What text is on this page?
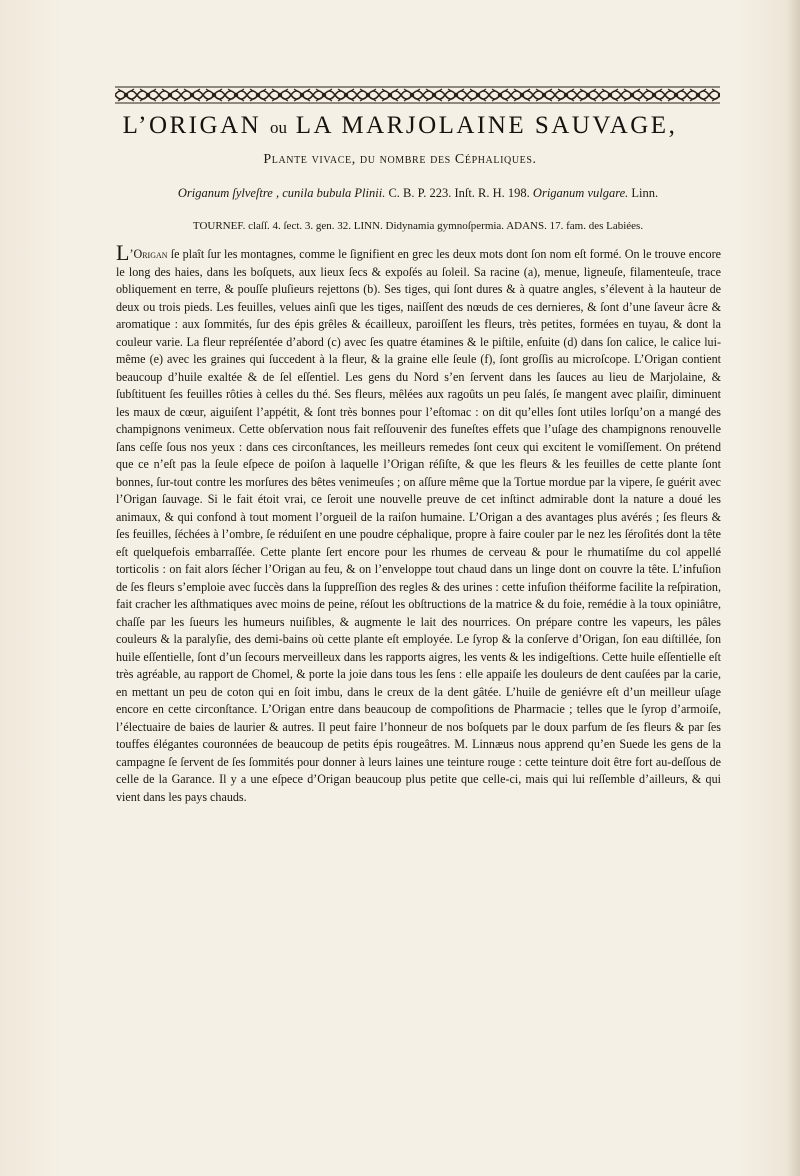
L’ORIGAN ou LA MARJOLAINE SAUVAGE,
Plante vivace, du nombre des Céphaliques.
Origanum ſylveſtre , cunila bubula Plinii. C. B. P. 223. Inſt. R. H. 198. Origanum vulgare. Linn.
TOURNEF. claſſ. 4. ſect. 3. gen. 32. LINN. Didynamia gymnoſpermia. ADANS. 17. fam. des Labiées.
L’Origan ſe plaît ſur les montagnes, comme le ſignifient en grec les deux mots dont ſon nom eſt formé. On le trouve encore le long des haies, dans les boſquets, aux lieux ſecs & expoſés au ſoleil. Sa racine (a), menue, ligneuſe, filamenteuſe, trace obliquement en terre, & pouſſe pluſieurs rejettons (b). Ses tiges, qui ſont dures & à quatre angles, s’élevent à la hauteur de deux ou trois pieds. Les feuilles, velues ainſi que les tiges, naiſſent des nœuds de ces dernieres, & ſont d’une ſaveur âcre & aromatique : aux ſommités, ſur des épis grêles & écailleux, paroiſſent les fleurs, très petites, formées en tuyau, & dont la couleur varie. La fleur repréſentée d’abord (c) avec ſes quatre étamines & le piſtile, enſuite (d) dans ſon calice, le calice lui-même (e) avec les graines qui ſuccedent à la fleur, & la graine elle ſeule (f), ſont groſſis au microſcope. L’Origan contient beaucoup d’huile exaltée & de ſel eſſentiel. Les gens du Nord s’en ſervent dans les ſauces au lieu de Marjolaine, & ſubſtituent ſes feuilles rôties à celles du thé. Ses fleurs, mêlées aux ragoûts un peu ſalés, ſe mangent avec plaiſir, diminuent les maux de cœur, aiguiſent l’appétit, & ſont très bonnes pour l’eſtomac : on dit qu’elles ſont utiles lorſqu’on a mangé des champignons venimeux. Cette obſervation nous fait reſſouvenir des funeſtes effets que l’uſage des champignons renouvelle ſans ceſſe ſous nos yeux : dans ces circonſtances, les meilleurs remedes ſont ceux qui excitent le vomiſſement. On prétend que ce n’eſt pas la ſeule eſpece de poiſon à laquelle l’Origan réſiſte, & que les fleurs & les feuilles de cette plante ſont bonnes, ſur-tout contre les morſures des bêtes venimeuſes ; on aſſure même que la Tortue mordue par la vipere, ſe guérit avec l’Origan ſauvage. Si le fait étoit vrai, ce ſeroit une nouvelle preuve de cet inſtinct admirable dont la nature a doué les animaux, & qui confond à tout moment l’orgueil de la raiſon humaine. L’Origan a des avantages plus avérés ; ſes fleurs & ſes feuilles, ſéchées à l’ombre, ſe réduiſent en une poudre céphalique, propre à faire couler par le nez les ſéroſités dont la tête eſt quelquefois embarraſſée. Cette plante ſert encore pour les rhumes de cerveau & pour le rhumatiſme du col appellé torticolis : on fait alors ſécher l’Origan au feu, & on l’enveloppe tout chaud dans un linge dont on couvre la tête. L’infuſion de ſes fleurs s’emploie avec ſuccès dans la ſuppreſſion des regles & des urines : cette infuſion théiforme facilite la reſpiration, fait cracher les aſthmatiques avec moins de peine, réſout les obſtructions de la matrice & du foie, remédie à la toux opiniâtre, chaſſe par les ſueurs les humeurs nuiſibles, & augmente le lait des nourrices. On prépare contre les vapeurs, les pâles couleurs & la paralyſie, des demi-bains où cette plante eſt employée. Le ſyrop & la conſerve d’Origan, ſon eau diſtillée, ſon huile eſſentielle, ſont d’un ſecours merveilleux dans les rapports aigres, les vents & les indigeſtions. Cette huile eſſentielle eſt très agréable, au rapport de Chomel, & porte la joie dans tous les ſens : elle appaiſe les douleurs de dent cauſées par la carie, en mettant un peu de coton qui en ſoit imbu, dans le creux de la dent gâtée. L’huile de geniévre eſt d’un meilleur uſage encore en cette circonſtance. L’Origan entre dans beaucoup de compoſitions de Pharmacie ; telles que le ſyrop d’armoiſe, l’électuaire de baies de laurier & autres. Il peut faire l’honneur de nos boſquets par le doux parfum de ſes fleurs & par ſes touffes élégantes couronnées de beaucoup de petits épis rougeâtres. M. Linnæus nous apprend qu’en Suede les gens de la campagne ſe ſervent de ſes ſommités pour donner à leurs laines une teinture rouge : cette teinture doit être fort au-deſſous de celle de la Garance. Il y a une eſpece d’Origan beaucoup plus petite que celle-ci, mais qui lui reſſemble d’ailleurs, & qui vient dans les pays chauds.
